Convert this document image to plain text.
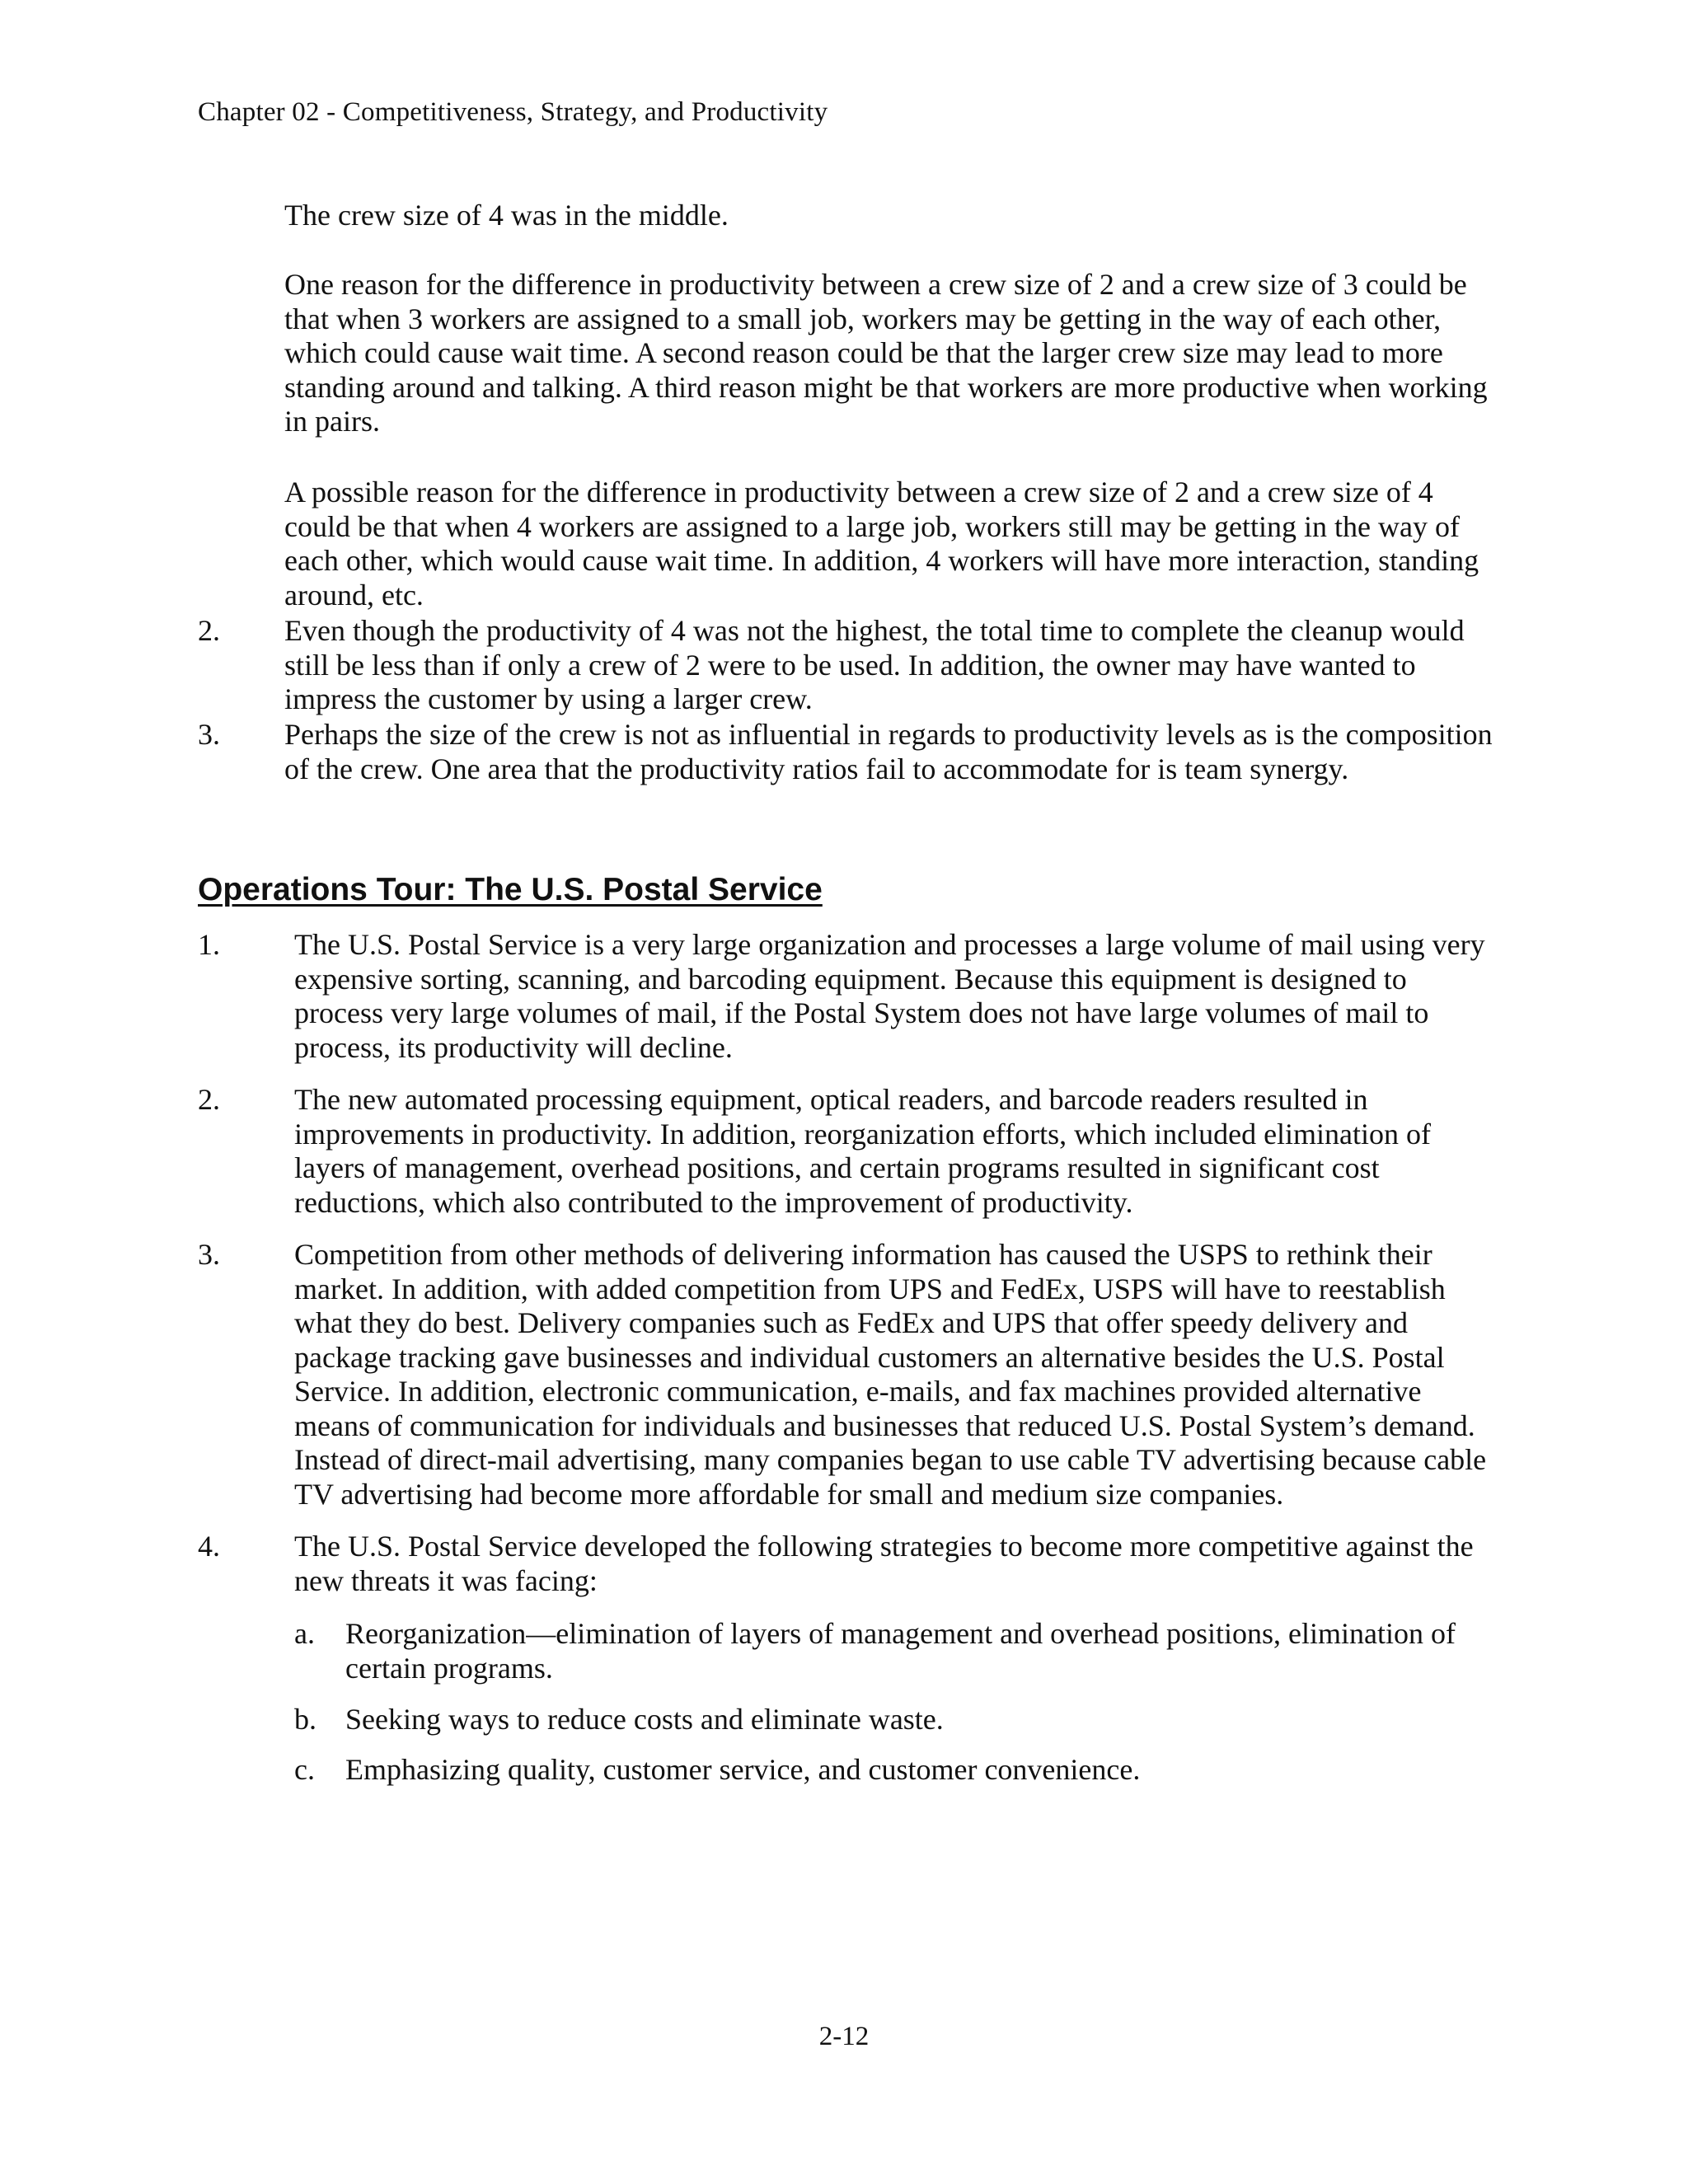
Chapter 02 - Competitiveness, Strategy, and Productivity
The crew size of 4 was in the middle.
One reason for the difference in productivity between a crew size of 2 and a crew size of 3 could be that when 3 workers are assigned to a small job, workers may be getting in the way of each other, which could cause wait time. A second reason could be that the larger crew size may lead to more standing around and talking. A third reason might be that workers are more productive when working in pairs.
A possible reason for the difference in productivity between a crew size of 2 and a crew size of 4 could be that when 4 workers are assigned to a large job, workers still may be getting in the way of each other, which would cause wait time. In addition, 4 workers will have more interaction, standing around, etc.
2. Even though the productivity of 4 was not the highest, the total time to complete the cleanup would still be less than if only a crew of 2 were to be used. In addition, the owner may have wanted to impress the customer by using a larger crew.
3. Perhaps the size of the crew is not as influential in regards to productivity levels as is the composition of the crew. One area that the productivity ratios fail to accommodate for is team synergy.
Operations Tour: The U.S. Postal Service
1.	The U.S. Postal Service is a very large organization and processes a large volume of mail using very expensive sorting, scanning, and barcoding equipment. Because this equipment is designed to process very large volumes of mail, if the Postal System does not have large volumes of mail to process, its productivity will decline.
2.	The new automated processing equipment, optical readers, and barcode readers resulted in improvements in productivity. In addition, reorganization efforts, which included elimination of layers of management, overhead positions, and certain programs resulted in significant cost reductions, which also contributed to the improvement of productivity.
3.	Competition from other methods of delivering information has caused the USPS to rethink their market. In addition, with added competition from UPS and FedEx, USPS will have to reestablish what they do best. Delivery companies such as FedEx and UPS that offer speedy delivery and package tracking gave businesses and individual customers an alternative besides the U.S. Postal Service. In addition, electronic communication, e-mails, and fax machines provided alternative means of communication for individuals and businesses that reduced U.S. Postal System’s demand. Instead of direct-mail advertising, many companies began to use cable TV advertising because cable TV advertising had become more affordable for small and medium size companies.
4.	The U.S. Postal Service developed the following strategies to become more competitive against the new threats it was facing:
a. Reorganization—elimination of layers of management and overhead positions, elimination of certain programs.
b. Seeking ways to reduce costs and eliminate waste.
c. Emphasizing quality, customer service, and customer convenience.
2-12
